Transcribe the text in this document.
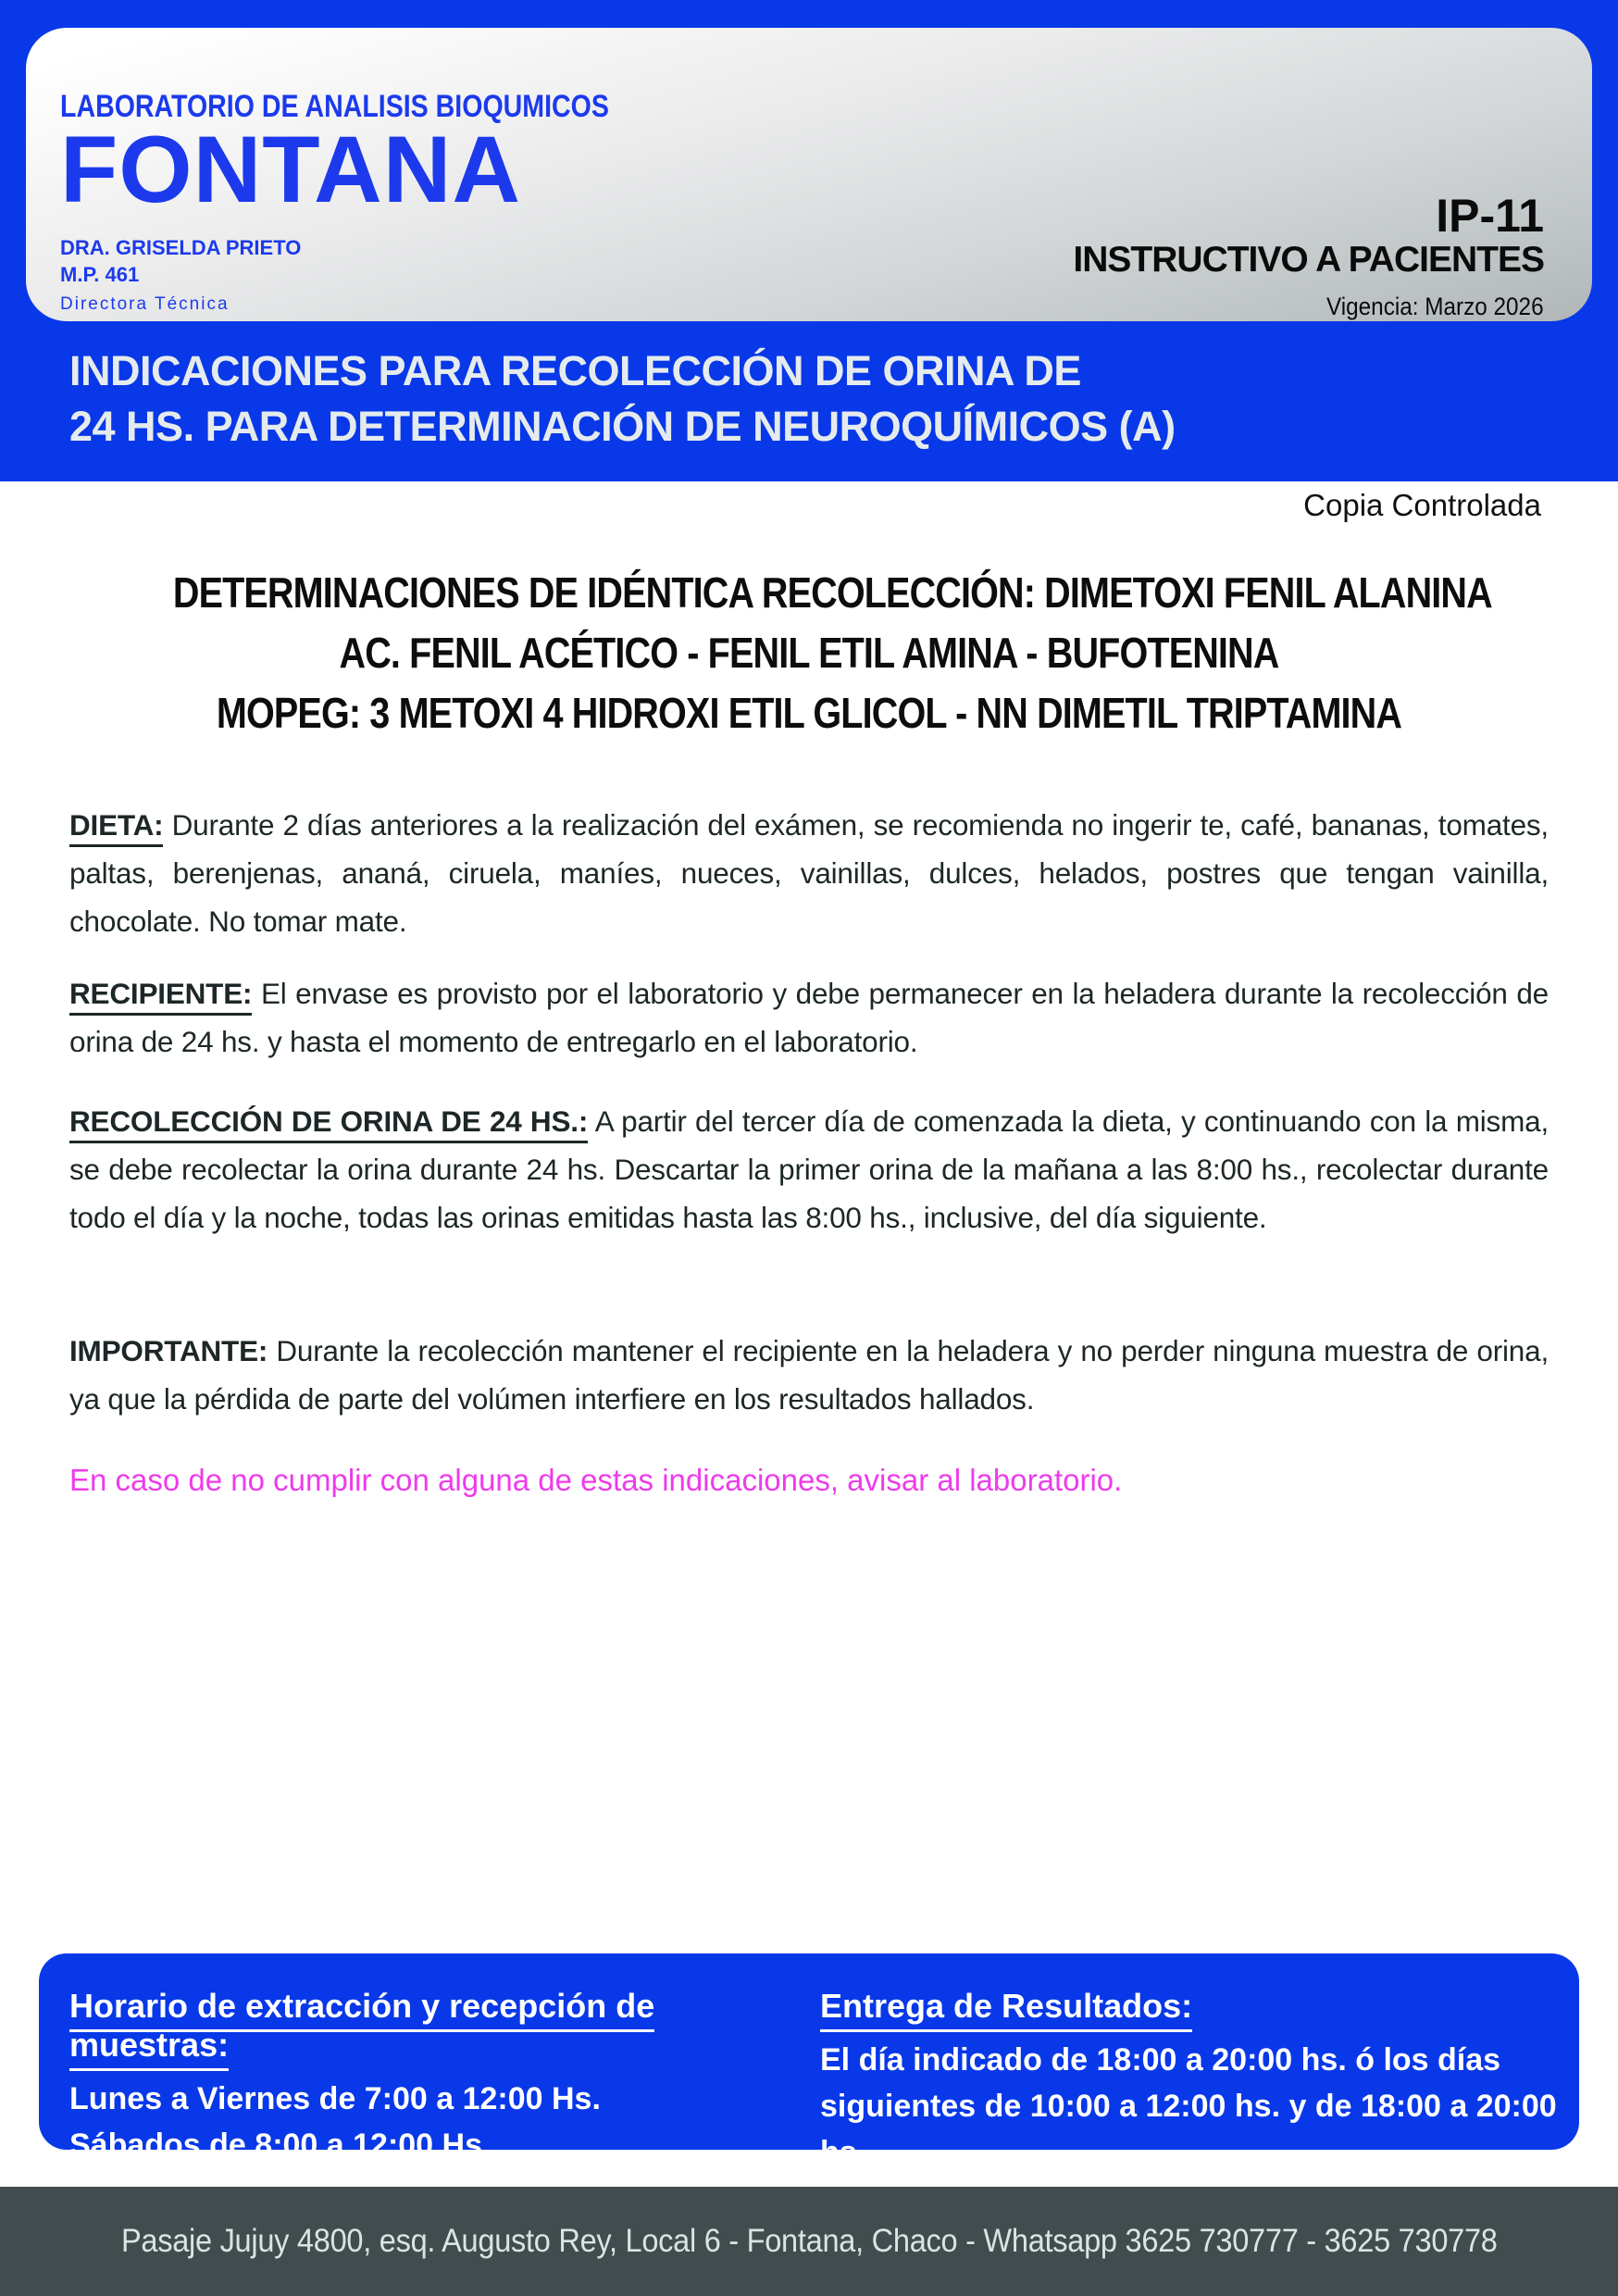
LABORATORIO DE ANALISIS BIOQUMICOS
FONTANA
DRA. GRISELDA PRIETO
M.P. 461
Directora Técnica
IP-11
INSTRUCTIVO A PACIENTES
Vigencia: Marzo 2026
INDICACIONES PARA RECOLECCIÓN DE ORINA DE
24 HS. PARA DETERMINACIÓN DE NEUROQUÍMICOS (A)
Copia Controlada
DETERMINACIONES DE IDÉNTICA RECOLECCIÓN: DIMETOXI FENIL ALANINA
AC. FENIL ACÉTICO - FENIL ETIL AMINA - BUFOTENINA
MOPEG: 3 METOXI 4 HIDROXI ETIL GLICOL - NN DIMETIL TRIPTAMINA
DIETA: Durante 2 días anteriores a la realización del exámen, se recomienda no ingerir te, café, bananas, tomates, paltas, berenjenas, ananá, ciruela, maníes, nueces, vainillas, dulces, helados, postres que tengan vainilla, chocolate. No tomar mate.
RECIPIENTE: El envase es provisto por el laboratorio y debe permanecer en la heladera durante la recolección de orina de 24 hs. y hasta el momento de entregarlo en el laboratorio.
RECOLECCIÓN DE ORINA DE 24 HS.: A partir del tercer día de comenzada la dieta, y continuando con la misma, se debe recolectar la orina durante 24 hs. Descartar la primer orina de la mañana a las 8:00 hs., recolectar durante todo el día y la noche, todas las orinas emitidas hasta las 8:00 hs., inclusive, del día siguiente.
IMPORTANTE: Durante la recolección mantener el recipiente en la heladera y no perder ninguna muestra de orina, ya que la pérdida de parte del volúmen interfiere en los resultados hallados.
En caso de no cumplir con alguna de estas indicaciones, avisar al laboratorio.
Horario de extracción y recepción de muestras:
Lunes a Viernes de 7:00 a 12:00 Hs.
Sábados de 8:00 a 12:00 Hs.
Entrega de Resultados:
El día indicado de 18:00 a 20:00 hs. ó los días
siguientes de 10:00 a 12:00 hs. y de 18:00 a 20:00 hs.
Pasaje Jujuy 4800, esq. Augusto Rey, Local 6 - Fontana, Chaco - Whatsapp 3625 730777 - 3625 730778
